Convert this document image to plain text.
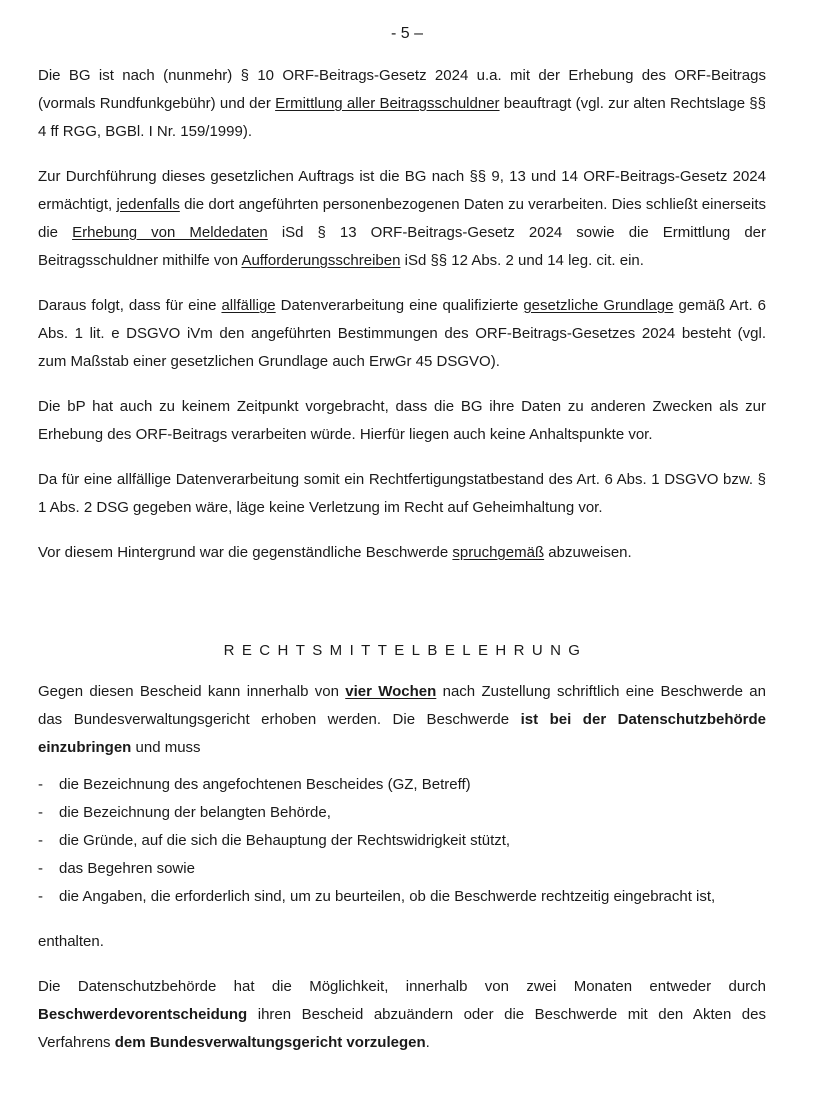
- 5 –

Die BG ist nach (nunmehr) § 10 ORF-Beitrags-Gesetz 2024 u.a. mit der Erhebung des ORF-Beitrags (vormals Rundfunkgebühr) und der Ermittlung aller Beitragsschuldner beauftragt (vgl. zur alten Rechtslage §§ 4 ff RGG, BGBl. I Nr. 159/1999).

Zur Durchführung dieses gesetzlichen Auftrags ist die BG nach §§ 9, 13 und 14 ORF-Beitrags-Gesetz 2024 ermächtigt, jedenfalls die dort angeführten personenbezogenen Daten zu verarbeiten. Dies schließt einerseits die Erhebung von Meldedaten iSd § 13 ORF-Beitrags-Gesetz 2024 sowie die Ermittlung der Beitragsschuldner mithilfe von Aufforderungsschreiben iSd §§ 12 Abs. 2 und 14 leg. cit. ein.

Daraus folgt, dass für eine allfällige Datenverarbeitung eine qualifizierte gesetzliche Grundlage gemäß Art. 6 Abs. 1 lit. e DSGVO iVm den angeführten Bestimmungen des ORF-Beitrags-Gesetzes 2024 besteht (vgl. zum Maßstab einer gesetzlichen Grundlage auch ErwGr 45 DSGVO).

Die bP hat auch zu keinem Zeitpunkt vorgebracht, dass die BG ihre Daten zu anderen Zwecken als zur Erhebung des ORF-Beitrags verarbeiten würde. Hierfür liegen auch keine Anhaltspunkte vor.

Da für eine allfällige Datenverarbeitung somit ein Rechtfertigungstatbestand des Art. 6 Abs. 1 DSGVO bzw. § 1 Abs. 2 DSG gegeben wäre, läge keine Verletzung im Recht auf Geheimhaltung vor.

Vor diesem Hintergrund war die gegenständliche Beschwerde spruchgemäß abzuweisen.

RECHTSMITTELBELEHRUNG

Gegen diesen Bescheid kann innerhalb von vier Wochen nach Zustellung schriftlich eine Beschwerde an das Bundesverwaltungsgericht erhoben werden. Die Beschwerde ist bei der Datenschutzbehörde einzubringen und muss

- die Bezeichnung des angefochtenen Bescheides (GZ, Betreff)
- die Bezeichnung der belangten Behörde,
- die Gründe, auf die sich die Behauptung der Rechtswidrigkeit stützt,
- das Begehren sowie
- die Angaben, die erforderlich sind, um zu beurteilen, ob die Beschwerde rechtzeitig eingebracht ist,

enthalten.

Die Datenschutzbehörde hat die Möglichkeit, innerhalb von zwei Monaten entweder durch Beschwerdevorentscheidung ihren Bescheid abzuändern oder die Beschwerde mit den Akten des Verfahrens dem Bundesverwaltungsgericht vorzulegen.
